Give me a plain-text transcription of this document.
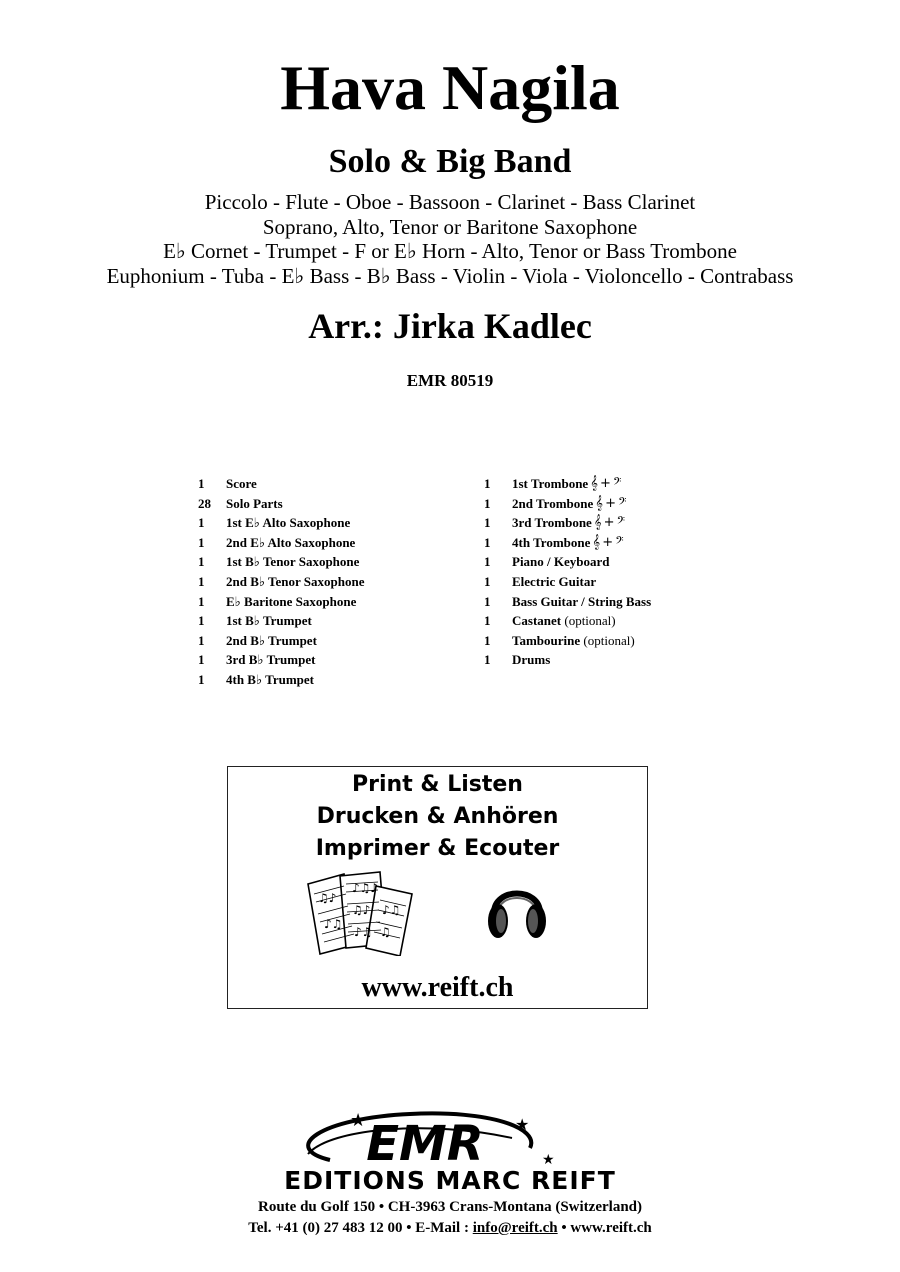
Hava Nagila
Solo & Big Band
Piccolo - Flute - Oboe - Bassoon - Clarinet - Bass Clarinet
Soprano, Alto, Tenor or Baritone Saxophone
E♭ Cornet - Trumpet - F or E♭ Horn - Alto, Tenor or Bass Trombone
Euphonium - Tuba - E♭ Bass - B♭ Bass - Violin - Viola - Violoncello - Contrabass
Arr.: Jirka Kadlec
EMR 80519
1	Score
28	Solo Parts
1	1st E♭ Alto Saxophone
1	2nd E♭ Alto Saxophone
1	1st B♭ Tenor Saxophone
1	2nd B♭ Tenor Saxophone
1	E♭ Baritone Saxophone
1	1st B♭ Trumpet
1	2nd B♭ Trumpet
1	3rd B♭ Trumpet
1	4th B♭ Trumpet
1	1st Trombone 𝄞 + 𝄢
1	2nd Trombone 𝄞 + 𝄢
1	3rd Trombone 𝄞 + 𝄢
1	4th Trombone 𝄞 + 𝄢
1	Piano / Keyboard
1	Electric Guitar
1	Bass Guitar / String Bass
1	Castanet
(optional)
1	Tambourine
(optional)
1	Drums
Print & Listen
Drucken & Anhören
Imprimer & Ecouter
♫♪
♪♫
♪♫♪
♫♪
♪♫
♪♫
♫
www.reift.ch
EMR
★	★
★
EDITIONS MARC REIFT
Route du Golf 150 • CH-3963 Crans-Montana (Switzerland)
Tel. +41 (0) 27 483 12 00 • E-Mail : info@reift.ch • www.reift.ch
